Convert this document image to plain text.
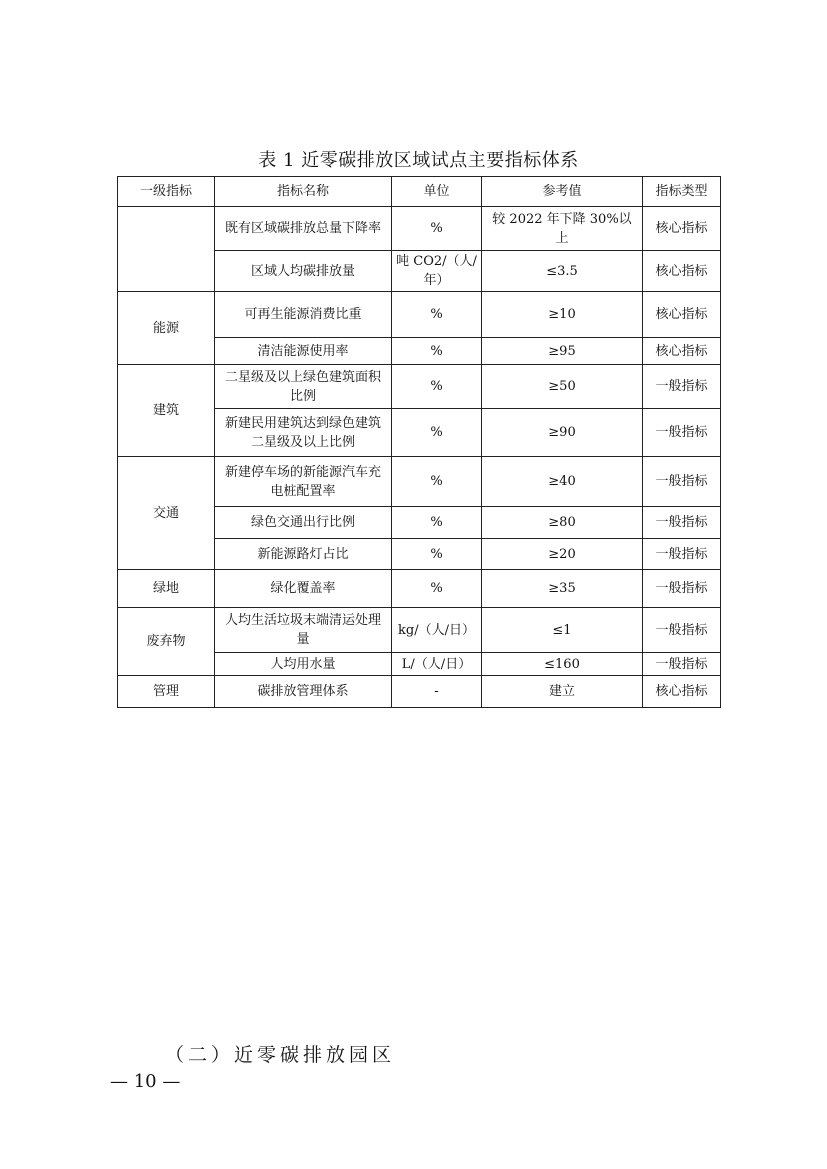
表 1 近零碳排放区域试点主要指标体系
一级指标	指标名称	单位	参考值	指标类型
	既有区域碳排放总量下降率	%	较 2022 年下降 30%以上	核心指标
	区域人均碳排放量	吨 CO2/（人/年）	≤3.5	核心指标
能源	可再生能源消费比重	%	≥10	核心指标
	清洁能源使用率	%	≥95	核心指标
建筑	二星级及以上绿色建筑面积比例	%	≥50	一般指标
	新建民用建筑达到绿色建筑二星级及以上比例	%	≥90	一般指标
交通	新建停车场的新能源汽车充电桩配置率	%	≥40	一般指标
	绿色交通出行比例	%	≥80	一般指标
	新能源路灯占比	%	≥20	一般指标
绿地	绿化覆盖率	%	≥35	一般指标
废弃物	人均生活垃圾末端清运处理量	kg/（人/日）	≤1	一般指标
	人均用水量	L/（人/日）	≤160	一般指标
管理	碳排放管理体系	-	建立	核心指标
（二）近零碳排放园区
— 10 —
